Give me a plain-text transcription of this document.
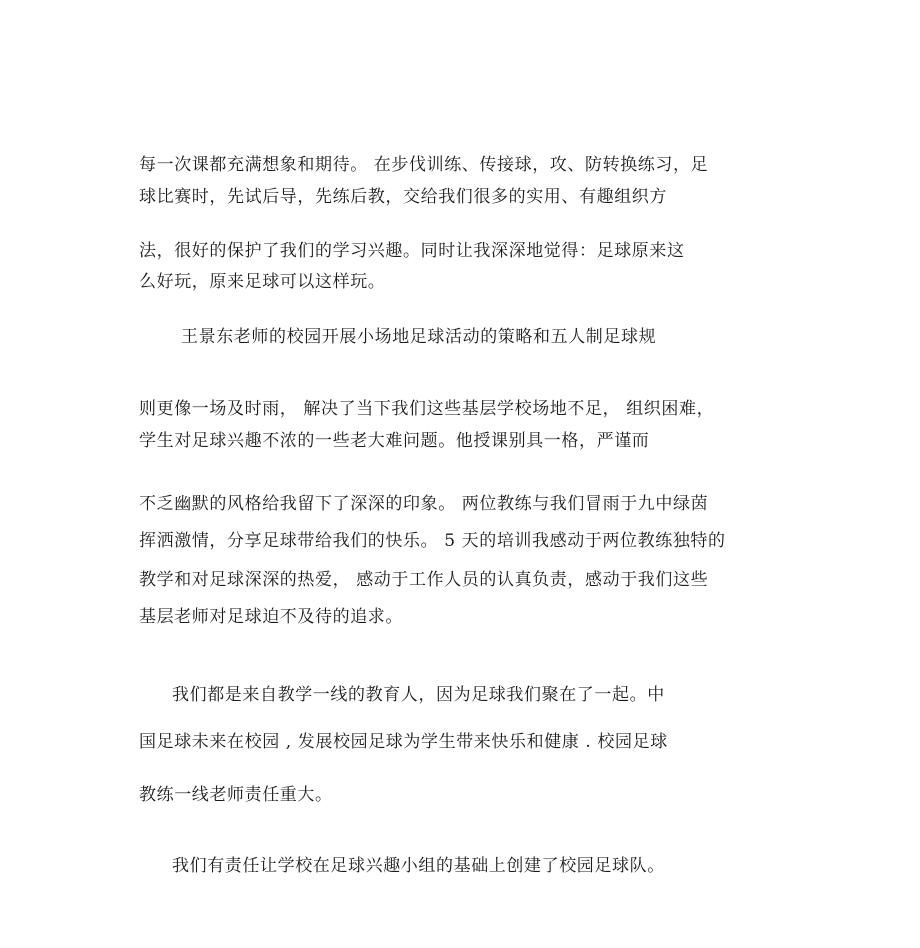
每一次课都充满想象和期待。 在步伐训练、传接球，攻、防转换练习，足
球比赛时，先试后导，先练后教，交给我们很多的实用、有趣组织方
法，很好的保护了我们的学习兴趣。同时让我深深地觉得：足球原来这
么好玩，原来足球可以这样玩。
王景东老师的校园开展小场地足球活动的策略和五人制足球规
则更像一场及时雨， 解决了当下我们这些基层学校场地不足， 组织困难，
学生对足球兴趣不浓的一些老大难问题。他授课别具一格，严谨而
不乏幽默的风格给我留下了深深的印象。 两位教练与我们冒雨于九中绿茵
挥洒激情，分享足球带给我们的快乐。 5 天的培训我感动于两位教练独特的
教学和对足球深深的热爱， 感动于工作人员的认真负责，感动于我们这些
基层老师对足球迫不及待的追求。
我们都是来自教学一线的教育人，因为足球我们聚在了一起。中
国足球未来在校园 , 发展校园足球为学生带来快乐和健康 . 校园足球
教练一线老师责任重大。
我们有责任让学校在足球兴趣小组的基础上创建了校园足球队。
